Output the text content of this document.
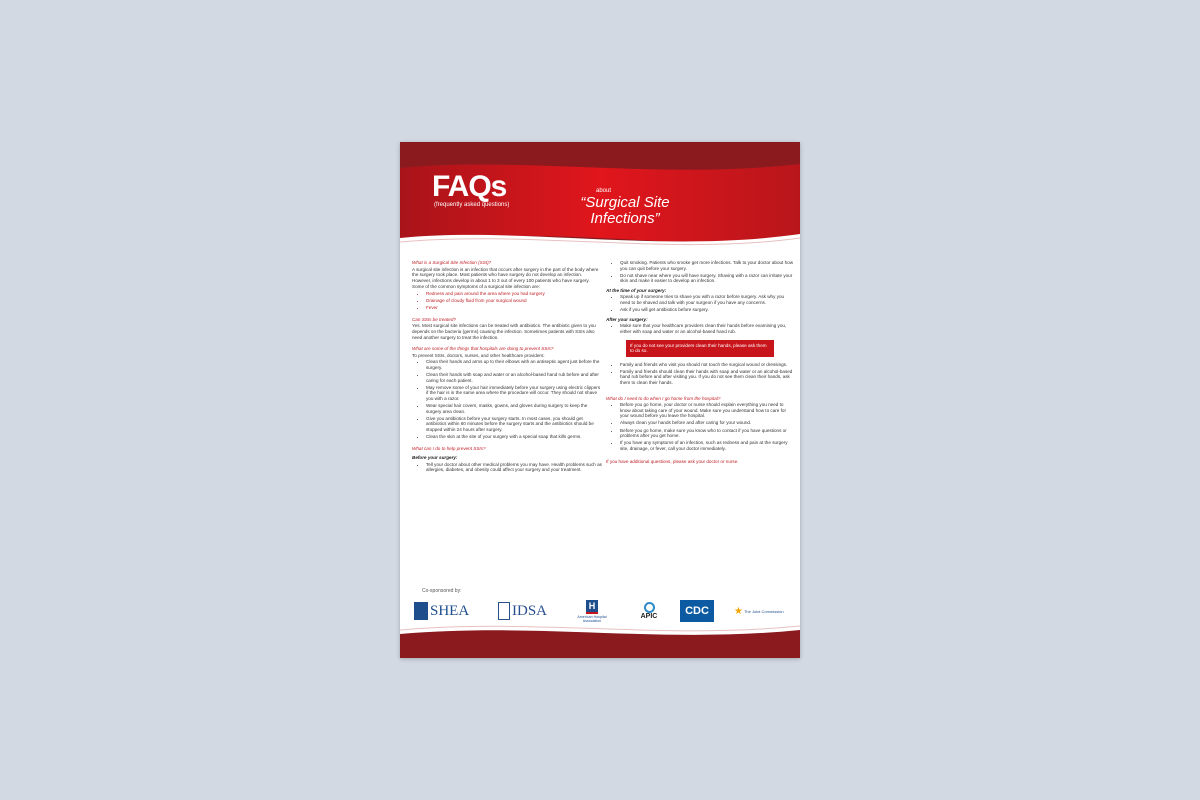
FAQs
(frequently asked questions)
about
“Surgical Site
Infections”
What is a Surgical Site Infection (SSI)?
A surgical site infection is an infection that occurs after surgery in the part of the body where the surgery took place. Most patients who have surgery do not develop an infection. However, infections develop in about 1 to 3 out of every 100 patients who have surgery.
Some of the common symptoms of a surgical site infection are:
• Redness and pain around the area where you had surgery
• Drainage of cloudy fluid from your surgical wound
• Fever
Can SSIs be treated?
Yes. Most surgical site infections can be treated with antibiotics. The antibiotic given to you depends on the bacteria (germs) causing the infection. Sometimes patients with SSIs also need another surgery to treat the infection.
What are some of the things that hospitals are doing to prevent SSIs?
To prevent SSIs, doctors, nurses, and other healthcare providers:
• Clean their hands and arms up to their elbows with an antiseptic agent just before the surgery.
• Clean their hands with soap and water or an alcohol-based hand rub before and after caring for each patient.
• May remove some of your hair immediately before your surgery using electric clippers if the hair is in the same area where the procedure will occur. They should not shave you with a razor.
• Wear special hair covers, masks, gowns, and gloves during surgery to keep the surgery area clean.
• Give you antibiotics before your surgery starts. In most cases, you should get antibiotics within 60 minutes before the surgery starts and the antibiotics should be stopped within 24 hours after surgery.
• Clean the skin at the site of your surgery with a special soap that kills germs.
What can I do to help prevent SSIs?
Before your surgery:
• Tell your doctor about other medical problems you may have. Health problems such as allergies, diabetes, and obesity could affect your surgery and your treatment.
• Quit smoking. Patients who smoke get more infections. Talk to your doctor about how you can quit before your surgery.
• Do not shave near where you will have surgery. Shaving with a razor can irritate your skin and make it easier to develop an infection.
At the time of your surgery:
• Speak up if someone tries to shave you with a razor before surgery. Ask why you need to be shaved and talk with your surgeon if you have any concerns.
• Ask if you will get antibiotics before surgery.
After your surgery:
• Make sure that your healthcare providers clean their hands before examining you, either with soap and water or an alcohol-based hand rub.
If you do not see your providers clean their hands, please ask them to do so.
• Family and friends who visit you should not touch the surgical wound or dressings.
• Family and friends should clean their hands with soap and water or an alcohol-based hand rub before and after visiting you. If you do not see them clean their hands, ask them to clean their hands.
What do I need to do when I go home from the hospital?
• Before you go home, your doctor or nurse should explain everything you need to know about taking care of your wound. Make sure you understand how to care for your wound before you leave the hospital.
• Always clean your hands before and after caring for your wound.
• Before you go home, make sure you know who to contact if you have questions or problems after you get home.
• If you have any symptoms of an infection, such as redness and pain at the surgery site, drainage, or fever, call your doctor immediately.
If you have additional questions, please ask your doctor or nurse.
Co-sponsored by:
SHEA	IDSA	H
American Hospital Association
APIC	CDC	★ The Joint Commission
